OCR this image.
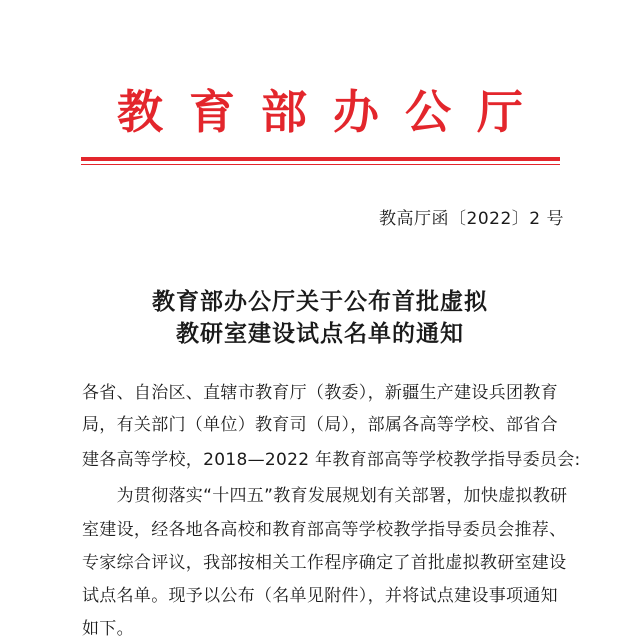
教育部办公厅
教高厅函〔2022〕2 号
教育部办公厅关于公布首批虚拟
教研室建设试点名单的通知
各省、自治区、直辖市教育厅（教委），新疆生产建设兵团教育
局，有关部门（单位）教育司（局），部属各高等学校、部省合
建各高等学校，2018—2022 年教育部高等学校教学指导委员会:
　　为贯彻落实“十四五”教育发展规划有关部署，加快虚拟教研
室建设，经各地各高校和教育部高等学校教学指导委员会推荐、
专家综合评议，我部按相关工作程序确定了首批虚拟教研室建设
试点名单。现予以公布（名单见附件），并将试点建设事项通知
如下。
